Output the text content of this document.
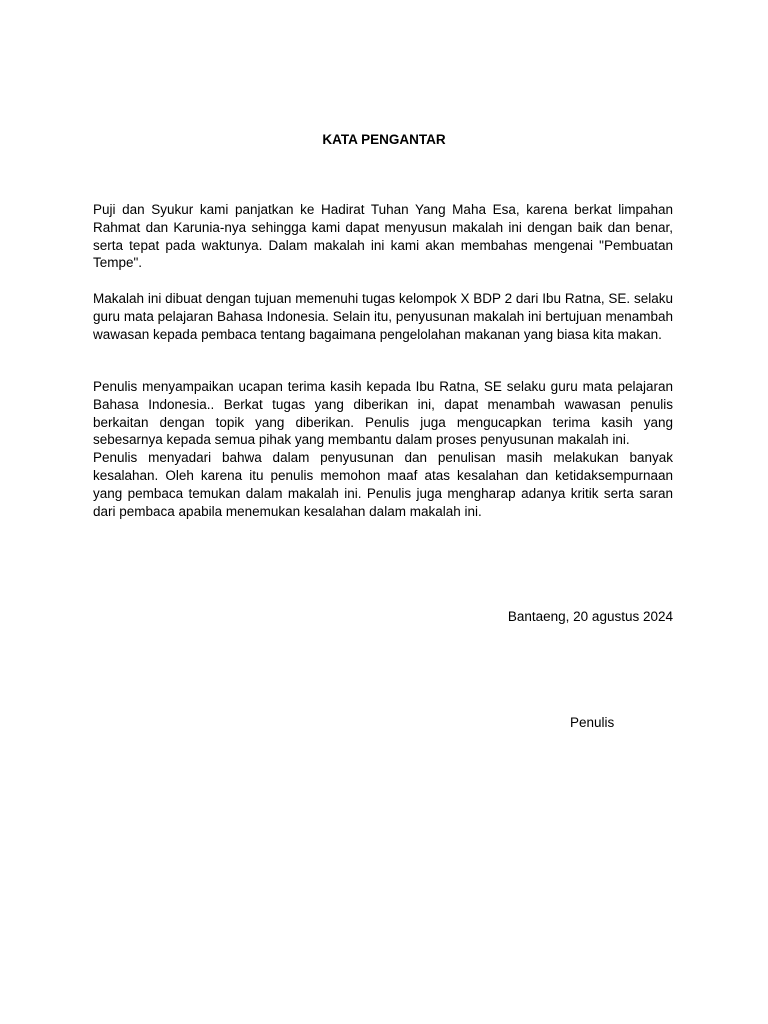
KATA PENGANTAR

Puji dan Syukur kami panjatkan ke Hadirat Tuhan Yang Maha Esa, karena berkat limpahan Rahmat dan Karunia-nya sehingga kami dapat menyusun makalah ini dengan baik dan benar, serta tepat pada waktunya. Dalam makalah ini kami akan membahas mengenai "Pembuatan Tempe".

Makalah ini dibuat dengan tujuan memenuhi tugas kelompok X BDP 2 dari Ibu Ratna, SE. selaku guru mata pelajaran Bahasa Indonesia. Selain itu, penyusunan makalah ini bertujuan menambah wawasan kepada pembaca tentang bagaimana pengelolahan makanan yang biasa kita makan.

Penulis menyampaikan ucapan terima kasih kepada Ibu Ratna, SE selaku guru mata pelajaran Bahasa Indonesia.. Berkat tugas yang diberikan ini, dapat menambah wawasan penulis berkaitan dengan topik yang diberikan. Penulis juga mengucapkan terima kasih yang sebesarnya kepada semua pihak yang membantu dalam proses penyusunan makalah ini.
Penulis menyadari bahwa dalam penyusunan dan penulisan masih melakukan banyak kesalahan. Oleh karena itu penulis memohon maaf atas kesalahan dan ketidaksempurnaan yang pembaca temukan dalam makalah ini. Penulis juga mengharap adanya kritik serta saran dari pembaca apabila menemukan kesalahan dalam makalah ini.

Bantaeng, 20 agustus 2024

Penulis
